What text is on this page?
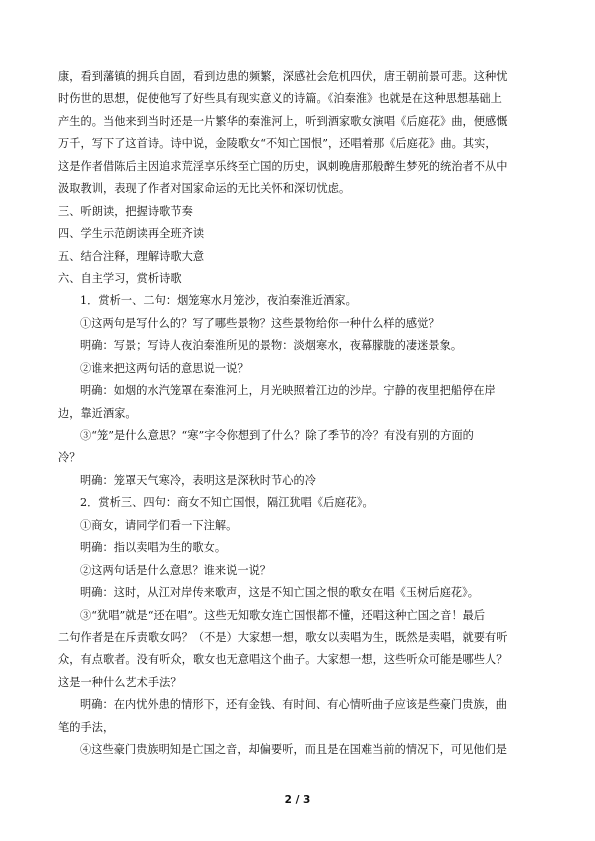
康，看到藩镇的拥兵自固，看到边患的频繁，深感社会危机四伏，唐王朝前景可悲。这种忧
时伤世的思想，促使他写了好些具有现实意义的诗篇。《泊秦淮》也就是在这种思想基础上
产生的。当他来到当时还是一片繁华的秦淮河上，听到酒家歌女演唱《后庭花》曲，便感慨
万千，写下了这首诗。诗中说，金陵歌女“不知亡国恨”，还唱着那《后庭花》曲。其实，
这是作者借陈后主因追求荒淫享乐终至亡国的历史，讽刺晚唐那般醉生梦死的统治者不从中
汲取教训，表现了作者对国家命运的无比关怀和深切忧虑。
三、听朗读，把握诗歌节奏
四、学生示范朗读再全班齐读
五、结合注释，理解诗歌大意
六、自主学习，赏析诗歌
1．赏析一、二句：烟笼寒水月笼沙，夜泊秦淮近酒家。
①这两句是写什么的？写了哪些景物？这些景物给你一种什么样的感觉？
明确：写景；写诗人夜泊秦淮所见的景物：淡烟寒水，夜幕朦胧的凄迷景象。
②谁来把这两句话的意思说一说？
明确：如烟的水汽笼罩在秦淮河上，月光映照着江边的沙岸。宁静的夜里把船停在岸
边，靠近酒家。
③“笼”是什么意思？“寒”字令你想到了什么？除了季节的冷？有没有别的方面的
冷？
明确：笼罩天气寒冷，表明这是深秋时节心的冷
2．赏析三、四句：商女不知亡国恨，隔江犹唱《后庭花》。
①商女，请同学们看一下注解。
明确：指以卖唱为生的歌女。
②这两句话是什么意思？谁来说一说？
明确：这时，从江对岸传来歌声，这是不知亡国之恨的歌女在唱《玉树后庭花》。
③“犹唱”就是“还在唱”。这些无知歌女连亡国恨都不懂，还唱这种亡国之音！最后
二句作者是在斥责歌女吗？（不是）大家想一想，歌女以卖唱为生，既然是卖唱，就要有听
众，有点歌者。没有听众，歌女也无意唱这个曲子。大家想一想，这些听众可能是哪些人？
这是一种什么艺术手法？
明确：在内忧外患的情形下，还有金钱、有时间、有心情听曲子应该是些豪门贵族，曲
笔的手法，
④这些豪门贵族明知是亡国之音，却偏要听，而且是在国难当前的情况下，可见他们是
2 / 3
